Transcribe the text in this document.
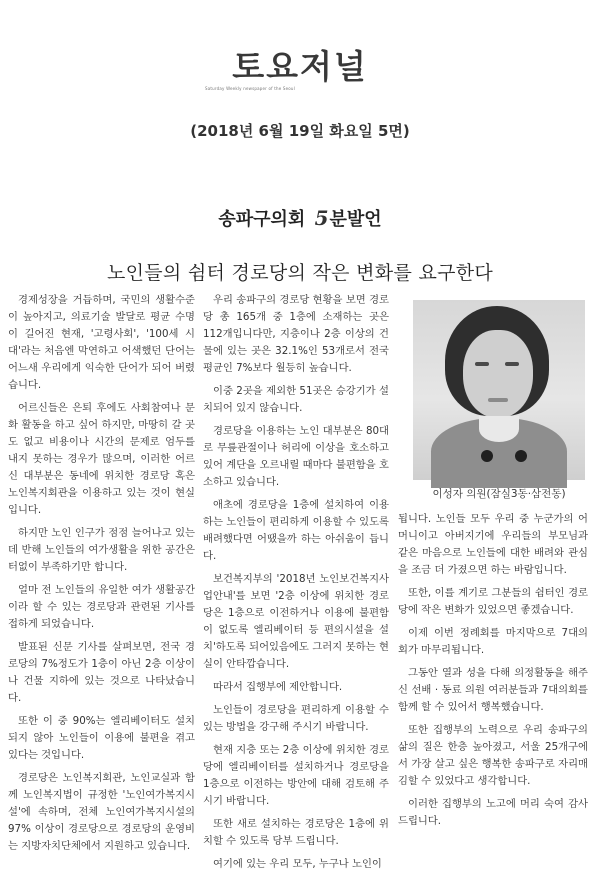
토요저널
Saturday Weekly newspaper of the Seoul
(2018년 6월 19일 화요일 5면)
송파구의회 5분발언
노인들의 쉼터 경로당의 작은 변화를 요구한다

경제성장을 거듭하며, 국민의 생활수준이 높아지고, 의료기술 발달로 평균 수명이 길어진 현재, '고령사회', '100세 시대'라는 처음엔 막연하고 어색했던 단어는 어느새 우리에게 익숙한 단어가 되어 버렸습니다.

어르신들은 은퇴 후에도 사회참여나 문화 활동을 하고 싶어 하지만, 마땅히 갈 곳도 없고 비용이나 시간의 문제로 엄두를 내지 못하는 경우가 많으며, 이러한 어르신 대부분은 동네에 위치한 경로당 혹은 노인복지회관을 이용하고 있는 것이 현실입니다.

하지만 노인 인구가 점점 늘어나고 있는데 반해 노인들의 여가생활을 위한 공간은 터없이 부족하기만 합니다.

얼마 전 노인들의 유일한 여가 생활공간이라 할 수 있는 경로당과 관련된 기사를 접하게 되었습니다.

발표된 신문 기사를 살펴보면, 전국 경로당의 7%정도가 1층이 아닌 2층 이상이나 건물 지하에 있는 것으로 나타났습니다.

또한 이 중 90%는 엘리베이터도 설치되지 않아 노인들이 이용에 불편을 겪고 있다는 것입니다.

경로당은 노인복지회관, 노인교실과 함께 노인복지법이 규정한 '노인여가복지시설'에 속하며, 전체 노인여가복지시설의 97% 이상이 경로당으로 경로당의 운영비는 지방자치단체에서 지원하고 있습니다.

우리 송파구의 경로당 현황을 보면 경로당 총 165개 중 1층에 소재하는 곳은 112개입니다만, 지층이나 2층 이상의 건물에 있는 곳은 32.1%인 53개로서 전국 평균인 7%보다 월등히 높습니다.

이중 2곳을 제외한 51곳은 승강기가 설치되어 있지 않습니다.

경로당을 이용하는 노인 대부분은 80대로 무릎관절이나 허리에 이상을 호소하고 있어 계단을 오르내릴 때마다 불편함을 호소하고 있습니다.

애초에 경로당을 1층에 설치하여 이용하는 노인들이 편리하게 이용할 수 있도록 배려했다면 어땠을까 하는 아쉬움이 듭니다.

보건복지부의 '2018년 노인보건복지사업안내'를 보면 '2층 이상에 위치한 경로당은 1층으로 이전하거나 이용에 불편함이 없도록 엘리베이터 등 편의시설을 설치'하도록 되어있음에도 그러지 못하는 현실이 안타깝습니다.

따라서 집행부에 제안합니다.

노인들이 경로당을 편리하게 이용할 수 있는 방법을 강구해 주시기 바랍니다.

현재 지층 또는 2층 이상에 위치한 경로당에 엘리베이터를 설치하거나 경로당을 1층으로 이전하는 방안에 대해 검토해 주시기 바랍니다.

또한 새로 설치하는 경로당은 1층에 위치할 수 있도록 당부 드립니다.

여기에 있는 우리 모두, 누구나 노인이

이성자 의원(잠실3동·삼전동)

됩니다. 노인들 모두 우리 중 누군가의 어머니이고 아버지기에 우리들의 부모님과 같은 마음으로 노인들에 대한 배려와 관심을 조금 더 가졌으면 하는 바람입니다.

또한, 이를 계기로 그분들의 쉼터인 경로당에 작은 변화가 있었으면 좋겠습니다.

이제 이번 정례회를 마지막으로 7대의 회가 마무리됩니다.

그동안 열과 성을 다해 의정활동을 해주신 선배 · 동료 의원 여러분들과 7대의회를 함께 할 수 있어서 행복했습니다.

또한 집행부의 노력으로 우리 송파구의 삶의 질은 한층 높아졌고, 서울 25개구에서 가장 살고 싶은 행복한 송파구로 자리매김할 수 있었다고 생각합니다.

이러한 집행부의 노고에 머리 숙여 감사드립니다.
